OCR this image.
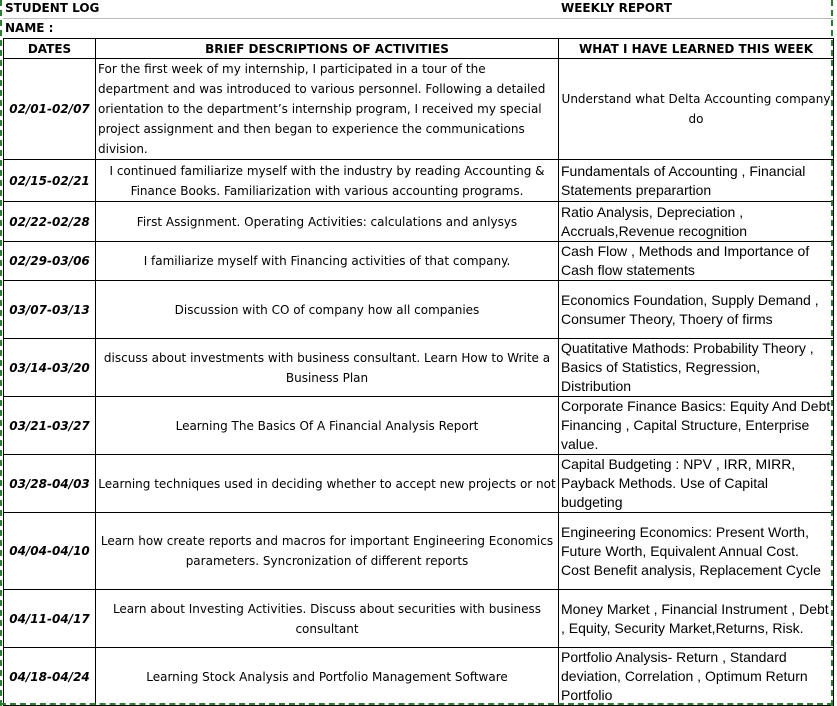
STUDENT LOG	WEEKLY REPORT
NAME :
DATES	BRIEF DESCRIPTIONS OF ACTIVITIES	WHAT I HAVE LEARNED THIS WEEK
02/01-02/07	For the first week of my internship, I participated in a tour of the department and was introduced to various personnel. Following a detailed orientation to the department’s internship program, I received my special project assignment and then began to experience the communications division.	Understand what Delta Accounting company do
02/15-02/21	I continued familiarize myself with the industry by reading Accounting & Finance Books. Familiarization with various accounting programs.	Fundamentals of Accounting , Financial Statements preparartion
02/22-02/28	First Assignment. Operating Activities: calculations and anlysys	Ratio Analysis, Depreciation , Accruals,Revenue recognition
02/29-03/06	I familiarize myself with Financing activities of that company.	Cash Flow , Methods and Importance of Cash flow statements
03/07-03/13	Discussion with CO of company how all companies	Economics Foundation, Supply Demand , Consumer Theory, Thoery of firms
03/14-03/20	discuss about investments with business consultant. Learn How to Write a Business Plan	Quatitative Mathods: Probability Theory , Basics of Statistics, Regression, Distribution
03/21-03/27	Learning The Basics Of A Financial Analysis Report	Corporate Finance Basics: Equity And Debt Financing , Capital Structure, Enterprise value.
03/28-04/03	Learning techniques used in deciding whether to accept new projects or not	Capital Budgeting : NPV , IRR, MIRR, Payback Methods. Use of Capital budgeting
04/04-04/10	Learn how create reports and macros for important Engineering Economics parameters. Syncronization of different reports	Engineering Economics: Present Worth, Future Worth, Equivalent Annual Cost. Cost Benefit analysis, Replacement Cycle
04/11-04/17	Learn about Investing Activities. Discuss about securities with business consultant	Money Market , Financial Instrument , Debt , Equity, Security Market,Returns, Risk.
04/18-04/24	Learning Stock Analysis and Portfolio Management Software	Portfolio Analysis- Return , Standard deviation, Correlation , Optimum Return Portfolio
